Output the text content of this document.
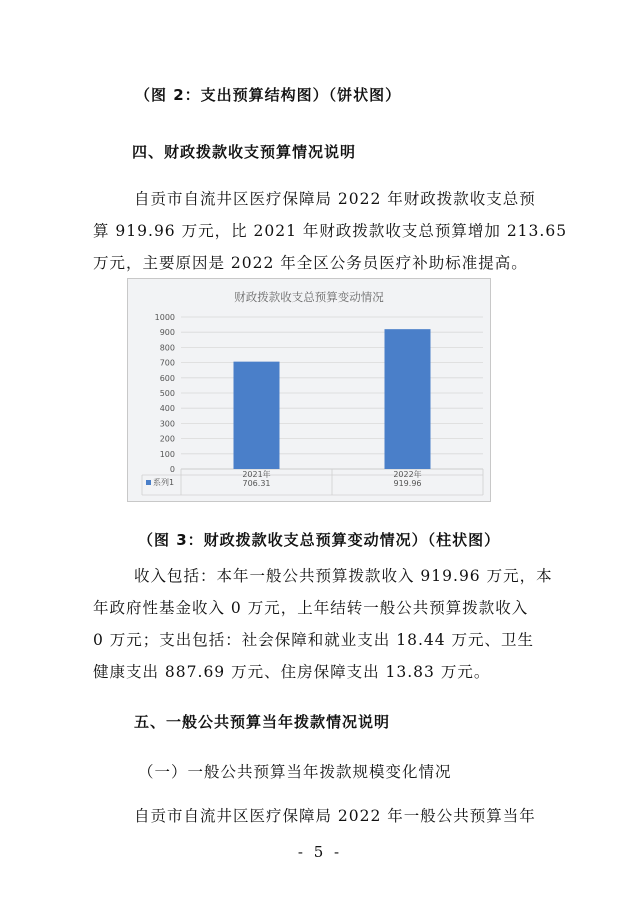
（图 2：支出预算结构图）（饼状图）
四、财政拨款收支预算情况说明
自贡市自流井区医疗保障局 2022 年财政拨款收支总预
算 919.96 万元，比 2021 年财政拨款收支总预算增加 213.65
万元，主要原因是 2022 年全区公务员医疗补助标准提高。
财政拨款收支总预算变动情况
0
100
200
300
400
500
600
700
800
900
1000
系列1
2021年
706.31
2022年
919.96
（图 3：财政拨款收支总预算变动情况）（柱状图）
收入包括：本年一般公共预算拨款收入 919.96 万元，本
年政府性基金收入 0 万元，上年结转一般公共预算拨款收入
0 万元；支出包括：社会保障和就业支出 18.44 万元、卫生
健康支出 887.69 万元、住房保障支出 13.83 万元。
五、一般公共预算当年拨款情况说明
（一）一般公共预算当年拨款规模变化情况
自贡市自流井区医疗保障局 2022 年一般公共预算当年
- 5 -
